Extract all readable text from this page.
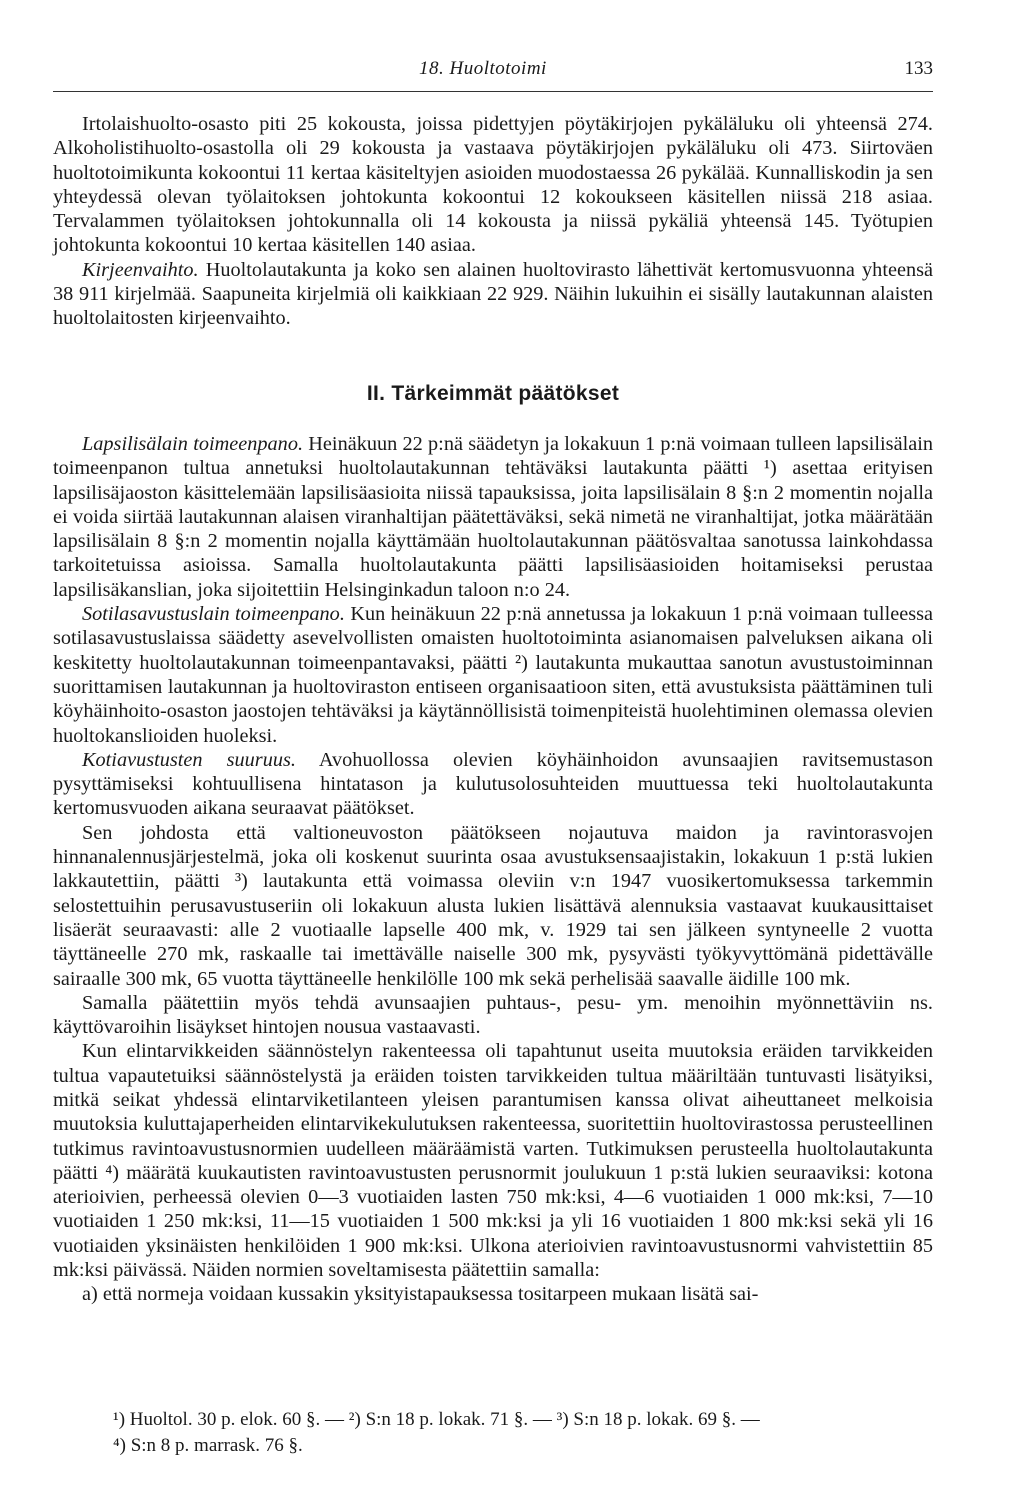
18. Huoltotoimi	133

Irtolaishuolto-osasto piti 25 kokousta, joissa pidettyjen pöytäkirjojen pykäläluku oli yhteensä 274. Alkoholistihuolto-osastolla oli 29 kokousta ja vastaava pöytäkirjojen pykäläluku oli 473. Siirtoväen huoltotoimikunta kokoontui 11 kertaa käsiteltyjen asioiden muodostaessa 26 pykälää. Kunnalliskodin ja sen yhteydessä olevan työlaitoksen johtokunta kokoontui 12 kokoukseen käsitellen niissä 218 asiaa. Tervalammen työlaitoksen johtokunnalla oli 14 kokousta ja niissä pykäliä yhteensä 145. Työtupien johtokunta kokoontui 10 kertaa käsitellen 140 asiaa.

Kirjeenvaihto. Huoltolautakunta ja koko sen alainen huoltovirasto lähettivät kertomusvuonna yhteensä 38 911 kirjelmää. Saapuneita kirjelmiä oli kaikkiaan 22 929. Näihin lukuihin ei sisälly lautakunnan alaisten huoltolaitosten kirjeenvaihto.

II. Tärkeimmät päätökset

Lapsilisälain toimeenpano. Heinäkuun 22 p:nä säädetyn ja lokakuun 1 p:nä voimaan tulleen lapsilisälain toimeenpanon tultua annetuksi huoltolautakunnan tehtäväksi lautakunta päätti ¹) asettaa erityisen lapsilisäjaoston käsittelemään lapsilisäasioita niissä tapauksissa, joita lapsilisälain 8 §:n 2 momentin nojalla ei voida siirtää lautakunnan alaisen viranhaltijan päätettäväksi, sekä nimetä ne viranhaltijat, jotka määrätään lapsilisälain 8 §:n 2 momentin nojalla käyttämään huoltolautakunnan päätösvaltaa sanotussa lainkohdassa tarkoitetuissa asioissa. Samalla huoltolautakunta päätti lapsilisäasioiden hoitamiseksi perustaa lapsilisäkanslian, joka sijoitettiin Helsinginkadun taloon n:o 24.

Sotilasavustuslain toimeenpano. Kun heinäkuun 22 p:nä annetussa ja lokakuun 1 p:nä voimaan tulleessa sotilasavustuslaissa säädetty asevelvollisten omaisten huoltotoiminta asianomaisen palveluksen aikana oli keskitetty huoltolautakunnan toimeenpantavaksi, päätti ²) lautakunta mukauttaa sanotun avustustoiminnan suorittamisen lautakunnan ja huoltoviraston entiseen organisaatioon siten, että avustuksista päättäminen tuli köyhäinhoito-osaston jaostojen tehtäväksi ja käytännöllisistä toimenpiteistä huolehtiminen olemassa olevien huoltokanslioiden huoleksi.

Kotiavustusten suuruus. Avohuollossa olevien köyhäinhoidon avunsaajien ravitsemustason pysyttämiseksi kohtuullisena hintatason ja kulutusolosuhteiden muuttuessa teki huoltolautakunta kertomusvuoden aikana seuraavat päätökset.

Sen johdosta että valtioneuvoston päätökseen nojautuva maidon ja ravintorasvojen hinnanalennusjärjestelmä, joka oli koskenut suurinta osaa avustuksensaajistakin, lokakuun 1 p:stä lukien lakkautettiin, päätti ³) lautakunta että voimassa oleviin v:n 1947 vuosikertomuksessa tarkemmin selostettuihin perusavustuseriin oli lokakuun alusta lukien lisättävä alennuksia vastaavat kuukausittaiset lisäerät seuraavasti: alle 2 vuotiaalle lapselle 400 mk, v. 1929 tai sen jälkeen syntyneelle 2 vuotta täyttäneelle 270 mk, raskaalle tai imettävälle naiselle 300 mk, pysyvästi työkyvyttömänä pidettävälle sairaalle 300 mk, 65 vuotta täyttäneelle henkilölle 100 mk sekä perhelisää saavalle äidille 100 mk.

Samalla päätettiin myös tehdä avunsaajien puhtaus-, pesu- ym. menoihin myönnettäviin ns. käyttövaroihin lisäykset hintojen nousua vastaavasti.

Kun elintarvikkeiden säännöstelyn rakenteessa oli tapahtunut useita muutoksia eräiden tarvikkeiden tultua vapautetuiksi säännöstelystä ja eräiden toisten tarvikkeiden tultua määriltään tuntuvasti lisätyiksi, mitkä seikat yhdessä elintarviketilanteen yleisen parantumisen kanssa olivat aiheuttaneet melkoisia muutoksia kuluttajaperheiden elintarvikekulutuksen rakenteessa, suoritettiin huoltovirastossa perusteellinen tutkimus ravintoavustusnormien uudelleen määräämistä varten. Tutkimuksen perusteella huoltolautakunta päätti ⁴) määrätä kuukautisten ravintoavustusten perusnormit joulukuun 1 p:stä lukien seuraaviksi: kotona aterioivien, perheessä olevien 0—3 vuotiaiden lasten 750 mk:ksi, 4—6 vuotiaiden 1 000 mk:ksi, 7—10 vuotiaiden 1 250 mk:ksi, 11—15 vuotiaiden 1 500 mk:ksi ja yli 16 vuotiaiden 1 800 mk:ksi sekä yli 16 vuotiaiden yksinäisten henkilöiden 1 900 mk:ksi. Ulkona aterioivien ravintoavustusnormi vahvistettiin 85 mk:ksi päivässä. Näiden normien soveltamisesta päätettiin samalla:

a) että normeja voidaan kussakin yksityistapauksessa tositarpeen mukaan lisätä sai-

¹) Huoltol. 30 p. elok. 60 §. — ²) S:n 18 p. lokak. 71 §. — ³) S:n 18 p. lokak. 69 §. —

⁴) S:n 8 p. marrask. 76 §.
